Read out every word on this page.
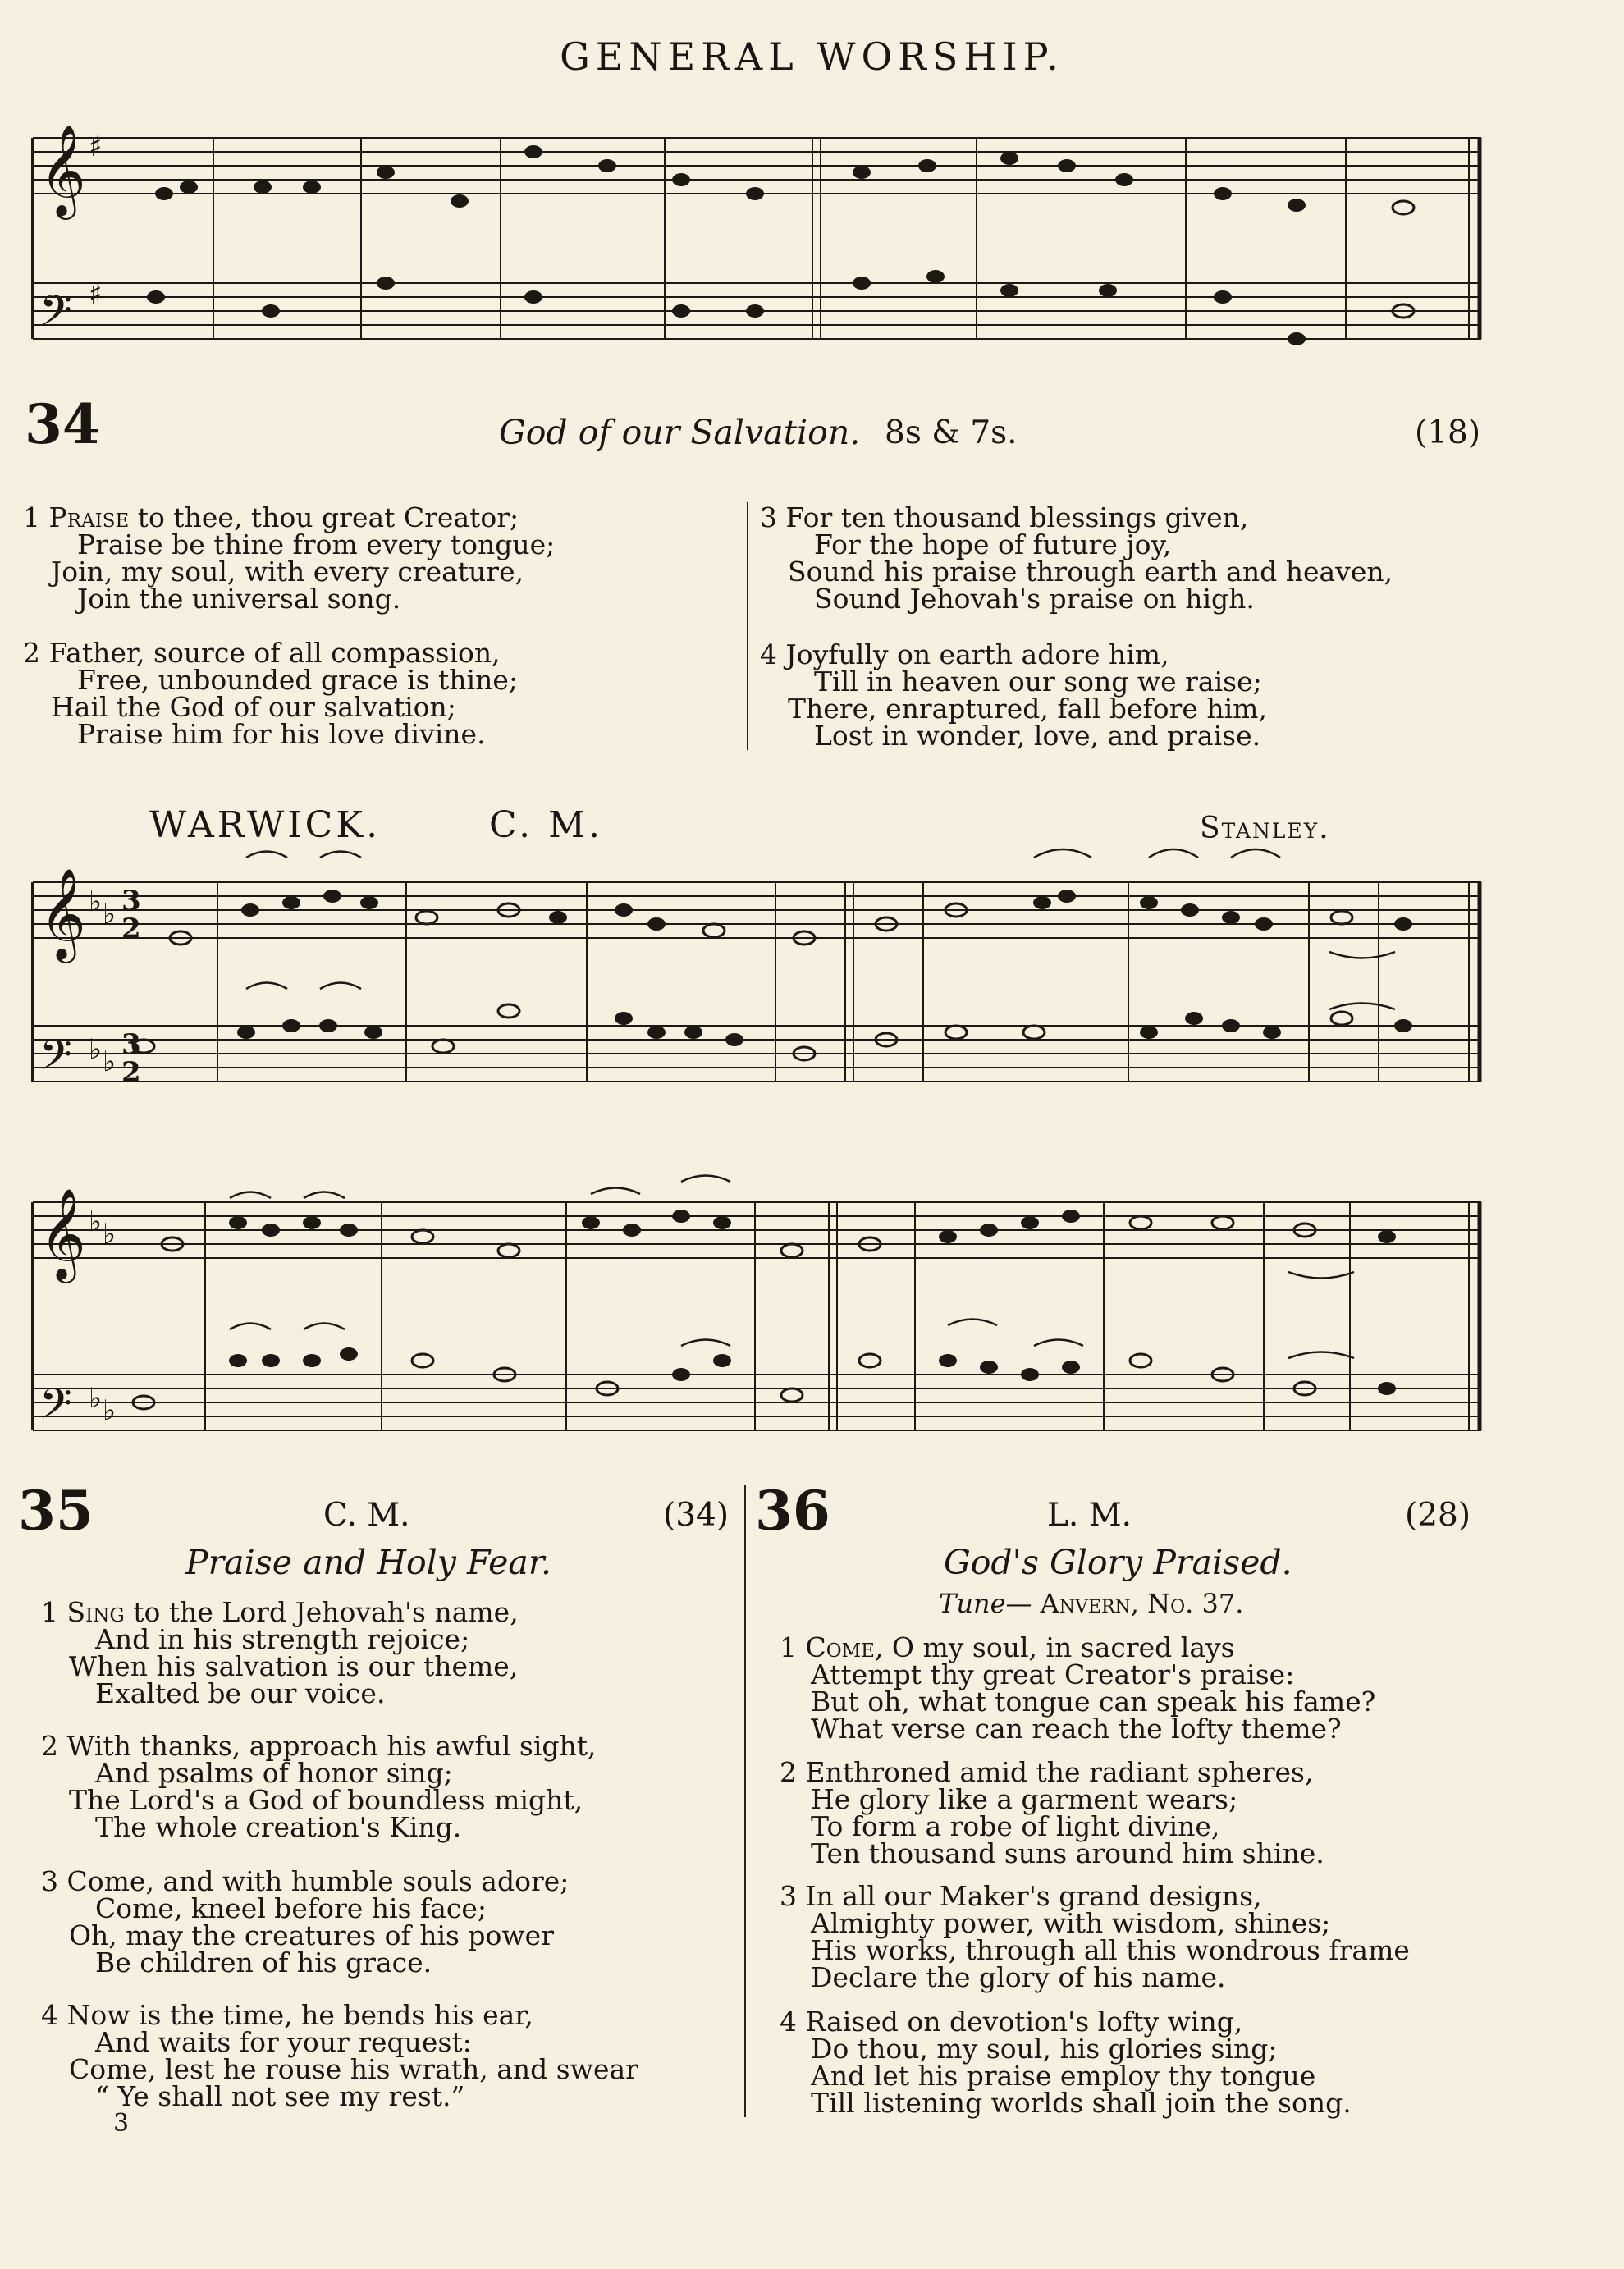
GENERAL WORSHIP.
𝄞
𝄢
♯
♯
𝄞
𝄢
♭ ♭
♭ ♭
3
2
3
2
𝄞
𝄢
♭ ♭
♭ ♭
34	God of our Salvation. 8s & 7s.	(18)
1 Praise to thee, thou great Creator;
Praise be thine from every tongue;
Join, my soul, with every creature,
Join the universal song.
2 Father, source of all compassion,
Free, unbounded grace is thine;
Hail the God of our salvation;
Praise him for his love divine.
3 For ten thousand blessings given,
For the hope of future joy,
Sound his praise through earth and heaven,
Sound Jehovah's praise on high.
4 Joyfully on earth adore him,
Till in heaven our song we raise;
There, enraptured, fall before him,
Lost in wonder, love, and praise.
WARWICK.	C. M.	Stanley.
35	C. M.	(34)
Praise and Holy Fear.
1 Sing to the Lord Jehovah's name,
And in his strength rejoice;
When his salvation is our theme,
Exalted be our voice.
2 With thanks, approach his awful sight,
And psalms of honor sing;
The Lord's a God of boundless might,
The whole creation's King.
3 Come, and with humble souls adore;
Come, kneel before his face;
Oh, may the creatures of his power
Be children of his grace.
4 Now is the time, he bends his ear,
And waits for your request:
Come, lest he rouse his wrath, and swear
“ Ye shall not see my rest.”
3
36	L. M.	(28)
God's Glory Praised.
Tune— Anvern, No. 37.
1 Come, O my soul, in sacred lays
Attempt thy great Creator's praise:
But oh, what tongue can speak his fame?
What verse can reach the lofty theme?
2 Enthroned amid the radiant spheres,
He glory like a garment wears;
To form a robe of light divine,
Ten thousand suns around him shine.
3 In all our Maker's grand designs,
Almighty power, with wisdom, shines;
His works, through all this wondrous frame
Declare the glory of his name.
4 Raised on devotion's lofty wing,
Do thou, my soul, his glories sing;
And let his praise employ thy tongue
Till listening worlds shall join the song.
